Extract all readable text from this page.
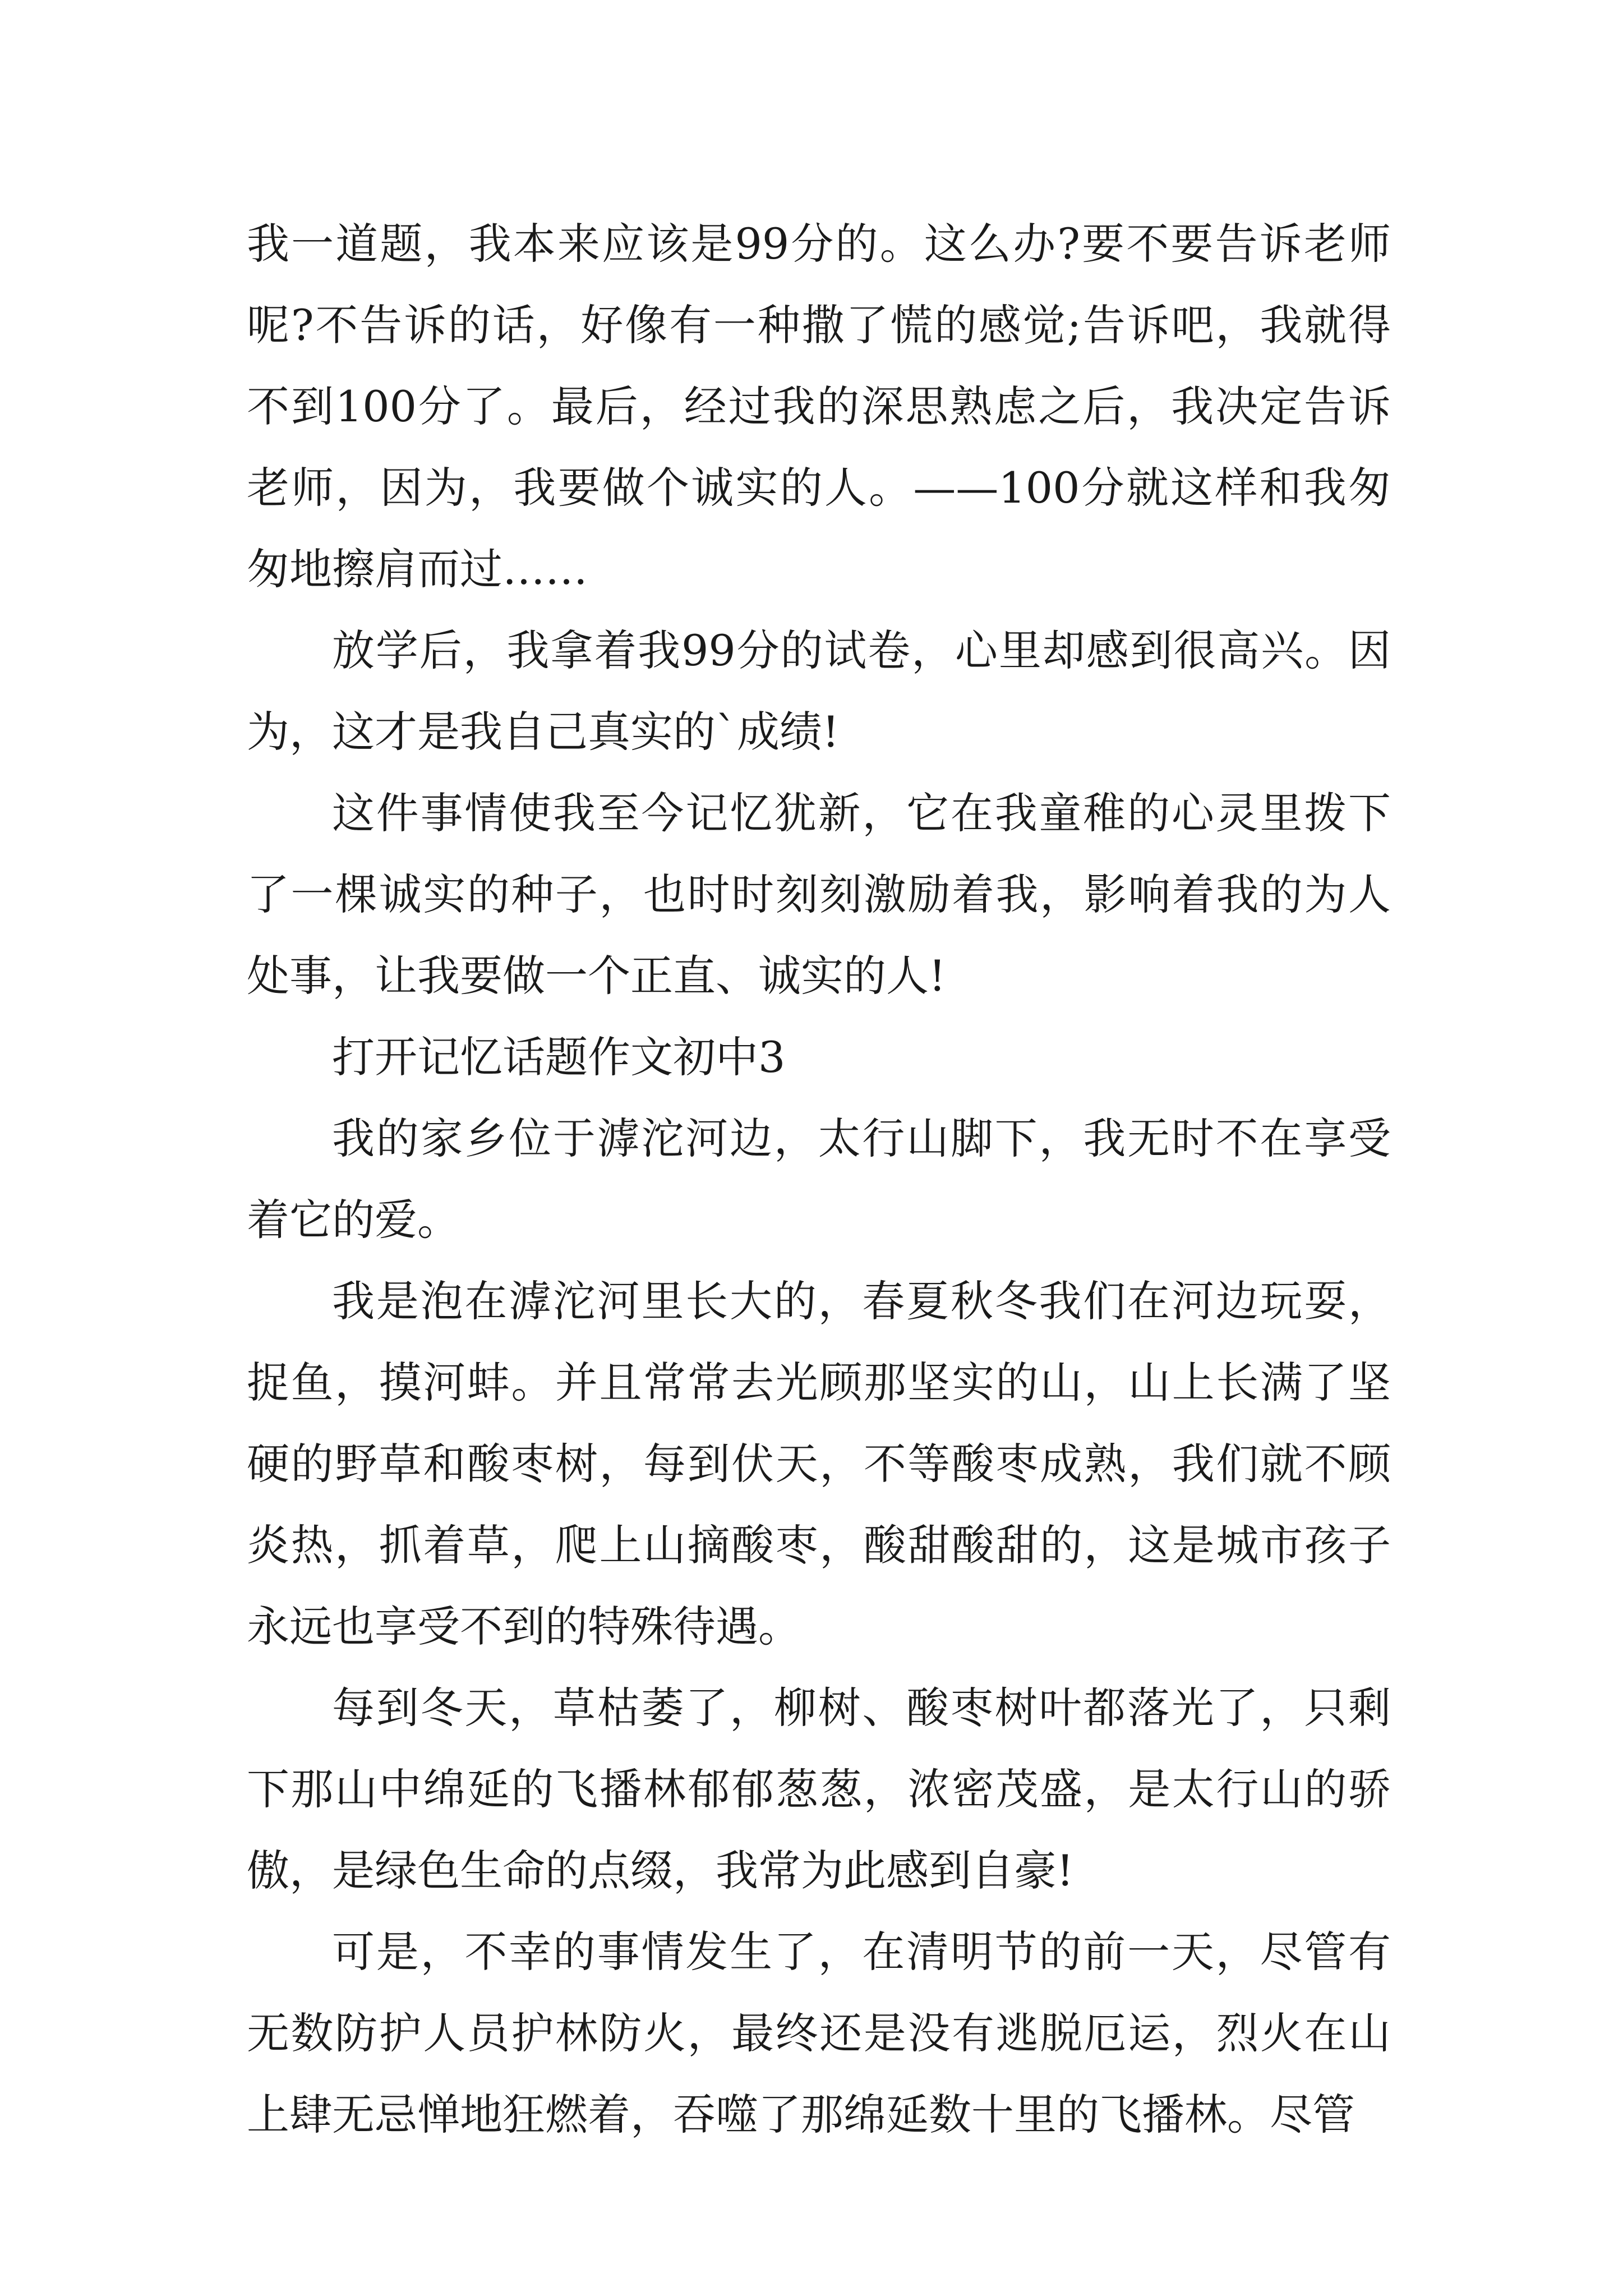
我一道题，我本来应该是99分的。这么办?要不要告诉老师呢?不告诉的话，好像有一种撒了慌的感觉;告诉吧，我就得不到100分了。最后，经过我的深思熟虑之后，我决定告诉老师，因为，我要做个诚实的人。——100分就这样和我匆匆地擦肩而过……

放学后，我拿着我99分的试卷，心里却感到很高兴。因为，这才是我自己真实的`成绩!

这件事情使我至今记忆犹新，它在我童稚的心灵里拨下了一棵诚实的种子，也时时刻刻激励着我，影响着我的为人处事，让我要做一个正直、诚实的人!

打开记忆话题作文初中3

我的家乡位于滹沱河边，太行山脚下，我无时不在享受着它的爱。

我是泡在滹沱河里长大的，春夏秋冬我们在河边玩耍，捉鱼，摸河蚌。并且常常去光顾那坚实的山，山上长满了坚硬的野草和酸枣树，每到伏天，不等酸枣成熟，我们就不顾炎热，抓着草，爬上山摘酸枣，酸甜酸甜的，这是城市孩子永远也享受不到的特殊待遇。

每到冬天，草枯萎了，柳树、酸枣树叶都落光了，只剩下那山中绵延的飞播林郁郁葱葱，浓密茂盛，是太行山的骄傲，是绿色生命的点缀，我常为此感到自豪!

可是，不幸的事情发生了，在清明节的前一天，尽管有无数防护人员护林防火，最终还是没有逃脱厄运，烈火在山上肆无忌惮地狂燃着，吞噬了那绵延数十里的飞播林。尽管
